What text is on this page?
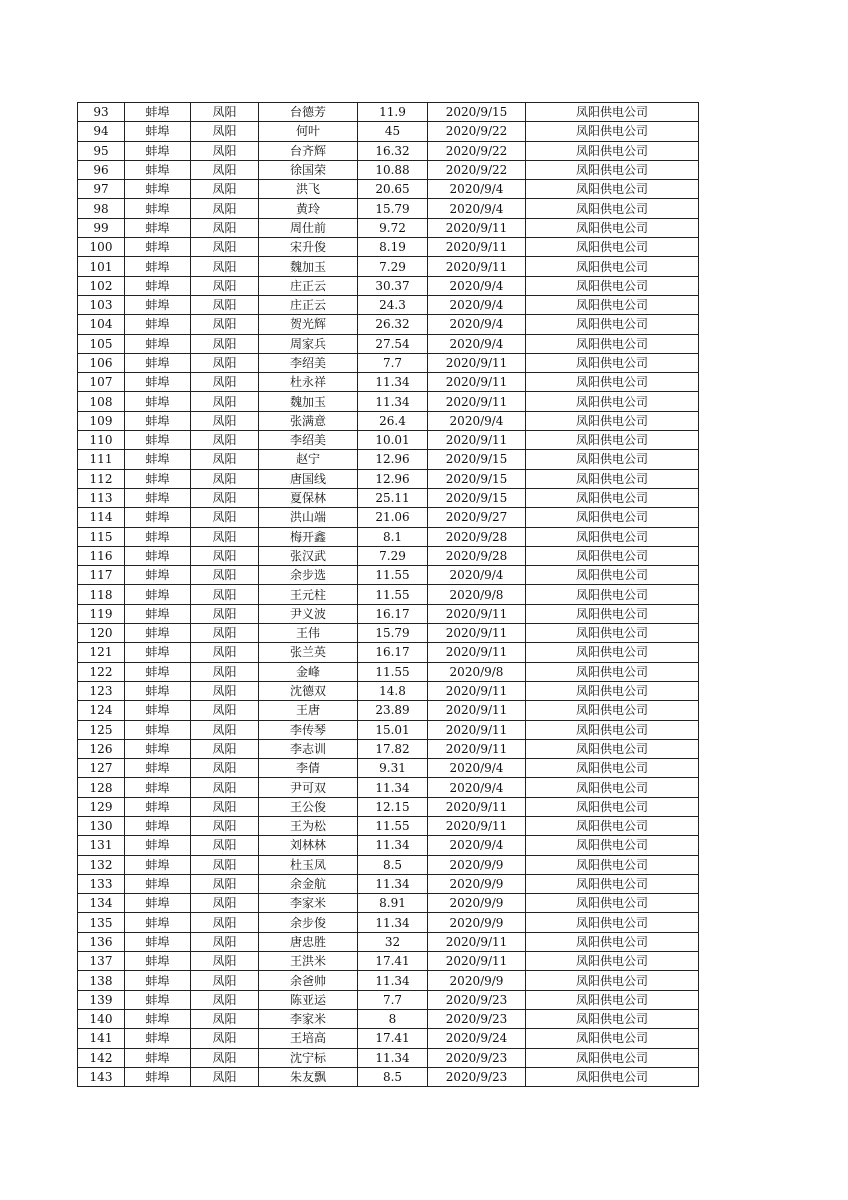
93	蚌埠	凤阳	台德芳	11.9	2020/9/15	凤阳供电公司
94	蚌埠	凤阳	何叶	45	2020/9/22	凤阳供电公司
95	蚌埠	凤阳	台齐辉	16.32	2020/9/22	凤阳供电公司
96	蚌埠	凤阳	徐国荣	10.88	2020/9/22	凤阳供电公司
97	蚌埠	凤阳	洪飞	20.65	2020/9/4	凤阳供电公司
98	蚌埠	凤阳	黄玲	15.79	2020/9/4	凤阳供电公司
99	蚌埠	凤阳	周仕前	9.72	2020/9/11	凤阳供电公司
100	蚌埠	凤阳	宋升俊	8.19	2020/9/11	凤阳供电公司
101	蚌埠	凤阳	魏加玉	7.29	2020/9/11	凤阳供电公司
102	蚌埠	凤阳	庄正云	30.37	2020/9/4	凤阳供电公司
103	蚌埠	凤阳	庄正云	24.3	2020/9/4	凤阳供电公司
104	蚌埠	凤阳	贺光辉	26.32	2020/9/4	凤阳供电公司
105	蚌埠	凤阳	周家兵	27.54	2020/9/4	凤阳供电公司
106	蚌埠	凤阳	李绍美	7.7	2020/9/11	凤阳供电公司
107	蚌埠	凤阳	杜永祥	11.34	2020/9/11	凤阳供电公司
108	蚌埠	凤阳	魏加玉	11.34	2020/9/11	凤阳供电公司
109	蚌埠	凤阳	张满意	26.4	2020/9/4	凤阳供电公司
110	蚌埠	凤阳	李绍美	10.01	2020/9/11	凤阳供电公司
111	蚌埠	凤阳	赵宁	12.96	2020/9/15	凤阳供电公司
112	蚌埠	凤阳	唐国线	12.96	2020/9/15	凤阳供电公司
113	蚌埠	凤阳	夏保林	25.11	2020/9/15	凤阳供电公司
114	蚌埠	凤阳	洪山端	21.06	2020/9/27	凤阳供电公司
115	蚌埠	凤阳	梅开鑫	8.1	2020/9/28	凤阳供电公司
116	蚌埠	凤阳	张汉武	7.29	2020/9/28	凤阳供电公司
117	蚌埠	凤阳	余步选	11.55	2020/9/4	凤阳供电公司
118	蚌埠	凤阳	王元柱	11.55	2020/9/8	凤阳供电公司
119	蚌埠	凤阳	尹义波	16.17	2020/9/11	凤阳供电公司
120	蚌埠	凤阳	王伟	15.79	2020/9/11	凤阳供电公司
121	蚌埠	凤阳	张兰英	16.17	2020/9/11	凤阳供电公司
122	蚌埠	凤阳	金峰	11.55	2020/9/8	凤阳供电公司
123	蚌埠	凤阳	沈德双	14.8	2020/9/11	凤阳供电公司
124	蚌埠	凤阳	王唐	23.89	2020/9/11	凤阳供电公司
125	蚌埠	凤阳	李传琴	15.01	2020/9/11	凤阳供电公司
126	蚌埠	凤阳	李志训	17.82	2020/9/11	凤阳供电公司
127	蚌埠	凤阳	李倩	9.31	2020/9/4	凤阳供电公司
128	蚌埠	凤阳	尹可双	11.34	2020/9/4	凤阳供电公司
129	蚌埠	凤阳	王公俊	12.15	2020/9/11	凤阳供电公司
130	蚌埠	凤阳	王为松	11.55	2020/9/11	凤阳供电公司
131	蚌埠	凤阳	刘林林	11.34	2020/9/4	凤阳供电公司
132	蚌埠	凤阳	杜玉凤	8.5	2020/9/9	凤阳供电公司
133	蚌埠	凤阳	余金航	11.34	2020/9/9	凤阳供电公司
134	蚌埠	凤阳	李家米	8.91	2020/9/9	凤阳供电公司
135	蚌埠	凤阳	余步俊	11.34	2020/9/9	凤阳供电公司
136	蚌埠	凤阳	唐忠胜	32	2020/9/11	凤阳供电公司
137	蚌埠	凤阳	王洪米	17.41	2020/9/11	凤阳供电公司
138	蚌埠	凤阳	余爸帅	11.34	2020/9/9	凤阳供电公司
139	蚌埠	凤阳	陈亚运	7.7	2020/9/23	凤阳供电公司
140	蚌埠	凤阳	李家米	8	2020/9/23	凤阳供电公司
141	蚌埠	凤阳	王培高	17.41	2020/9/24	凤阳供电公司
142	蚌埠	凤阳	沈宁标	11.34	2020/9/23	凤阳供电公司
143	蚌埠	凤阳	朱友飘	8.5	2020/9/23	凤阳供电公司
